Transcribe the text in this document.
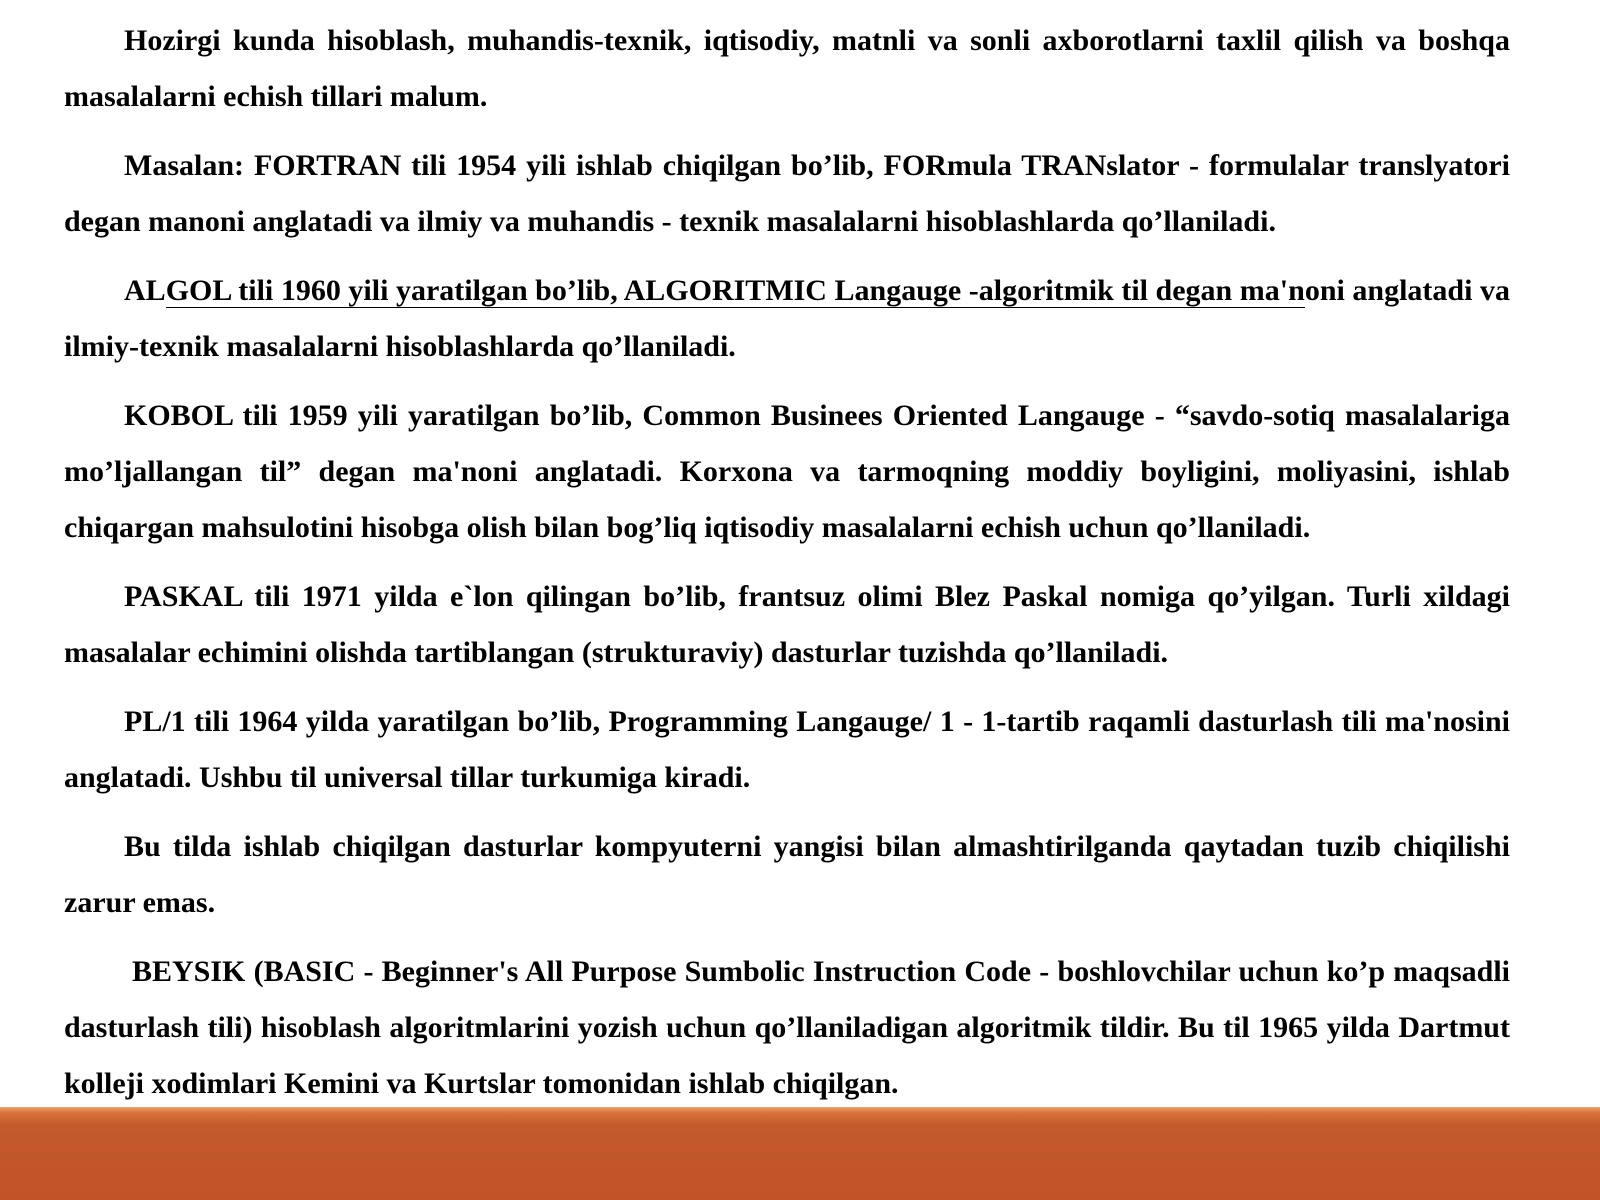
Hozirgi kunda hisoblash, muhandis-texnik, iqtisodiy, matnli va sonli axborotlarni taxlil qilish va boshqa masalalarni echish tillari malum.

Masalan: FORTRAN tili 1954 yili ishlab chiqilgan bo’lib, FORmula TRANslator - formulalar translyatori degan manoni anglatadi va ilmiy va muhandis - texnik masalalarni hisoblashlarda qo’llaniladi.

ALGOL tili 1960 yili yaratilgan bo’lib, ALGORITMIC Langauge -algoritmik til degan ma'noni anglatadi va ilmiy-texnik masalalarni hisoblashlarda qo’llaniladi.

KOBOL tili 1959 yili yaratilgan bo’lib, Common Businees Oriented Langauge - “savdo-sotiq masalalariga mo’ljallangan til” degan ma'noni anglatadi. Korxona va tarmoqning moddiy boyligini, moliyasini, ishlab chiqargan mahsulotini hisobga olish bilan bog’liq iqtisodiy masalalarni echish uchun qo’llaniladi.

PASKAL tili 1971 yilda e`lon qilingan bo’lib, frantsuz olimi Blez Paskal nomiga qo’yilgan. Turli xildagi masalalar echimini olishda tartiblangan (strukturaviy) dasturlar tuzishda qo’llaniladi.

PL/1 tili 1964 yilda yaratilgan bo’lib, Programming Langauge/ 1 - 1-tartib raqamli dasturlash tili ma'nosini anglatadi. Ushbu til universal tillar turkumiga kiradi.

Bu tilda ishlab chiqilgan dasturlar kompyuterni yangisi bilan almashtirilganda qaytadan tuzib chiqilishi zarur emas.

BEYSIK (BASIC - Beginner's All Purpose Sumbolic Instruction Code - boshlovchilar uchun ko’p maqsadli dasturlash tili) hisoblash algoritmlarini yozish uchun qo’llaniladigan algoritmik tildir. Bu til 1965 yilda Dartmut kolleji xodimlari Kemini va Kurtslar tomonidan ishlab chiqilgan.
